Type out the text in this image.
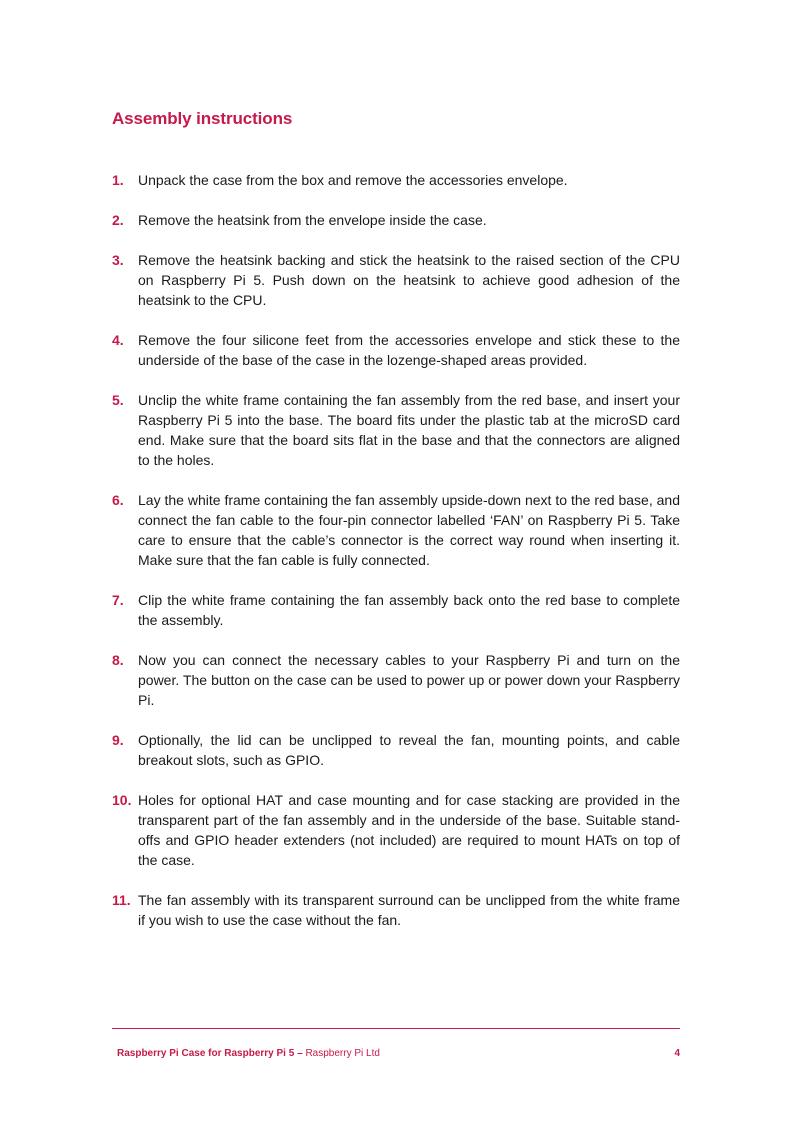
Assembly instructions
1.	Unpack the case from the box and remove the accessories envelope.
2.	Remove the heatsink from the envelope inside the case.
3.	Remove the heatsink backing and stick the heatsink to the raised section of the CPU on Raspberry Pi 5. Push down on the heatsink to achieve good adhesion of the heatsink to the CPU.
4.	Remove the four silicone feet from the accessories envelope and stick these to the underside of the base of the case in the lozenge-shaped areas provided.
5.	Unclip the white frame containing the fan assembly from the red base, and insert your Raspberry Pi 5 into the base. The board fits under the plastic tab at the microSD card end. Make sure that the board sits flat in the base and that the connectors are aligned to the holes.
6.	Lay the white frame containing the fan assembly upside-down next to the red base, and connect the fan cable to the four-pin connector labelled ‘FAN’ on Raspberry Pi 5. Take care to ensure that the cable’s connector is the correct way round when inserting it. Make sure that the fan cable is fully connected.
7.	Clip the white frame containing the fan assembly back onto the red base to complete the assembly.
8.	Now you can connect the necessary cables to your Raspberry Pi and turn on the power. The button on the case can be used to power up or power down your Raspberry Pi.
9.	Optionally, the lid can be unclipped to reveal the fan, mounting points, and cable breakout slots, such as GPIO.
10. Holes for optional HAT and case mounting and for case stacking are provided in the transparent part of the fan assembly and in the underside of the base. Suitable stand-offs and GPIO header extenders (not included) are required to mount HATs on top of the case.
11. The fan assembly with its transparent surround can be unclipped from the white frame if you wish to use the case without the fan.
Raspberry Pi Case for Raspberry Pi 5 – Raspberry Pi Ltd	4
